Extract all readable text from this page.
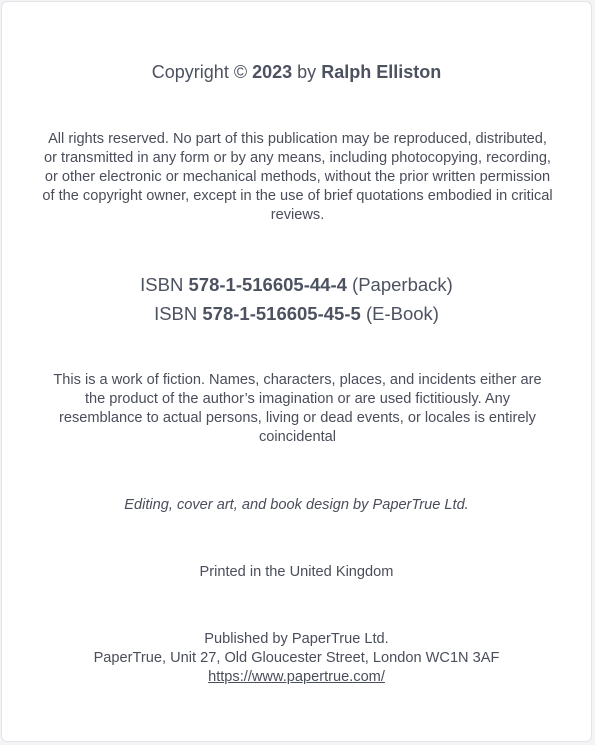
Copyright © 2023 by Ralph Elliston
All rights reserved. No part of this publication may be reproduced, distributed, or transmitted in any form or by any means, including photocopying, recording, or other electronic or mechanical methods, without the prior written permission of the copyright owner, except in the use of brief quotations embodied in critical reviews.
ISBN 578-1-516605-44-4 (Paperback)
ISBN 578-1-516605-45-5 (E-Book)
This is a work of fiction. Names, characters, places, and incidents either are the product of the author’s imagination or are used fictitiously. Any resemblance to actual persons, living or dead events, or locales is entirely coincidental
Editing, cover art, and book design by PaperTrue Ltd.
Printed in the United Kingdom
Published by PaperTrue Ltd.
PaperTrue, Unit 27, Old Gloucester Street, London WC1N 3AF
https://www.papertrue.com/
